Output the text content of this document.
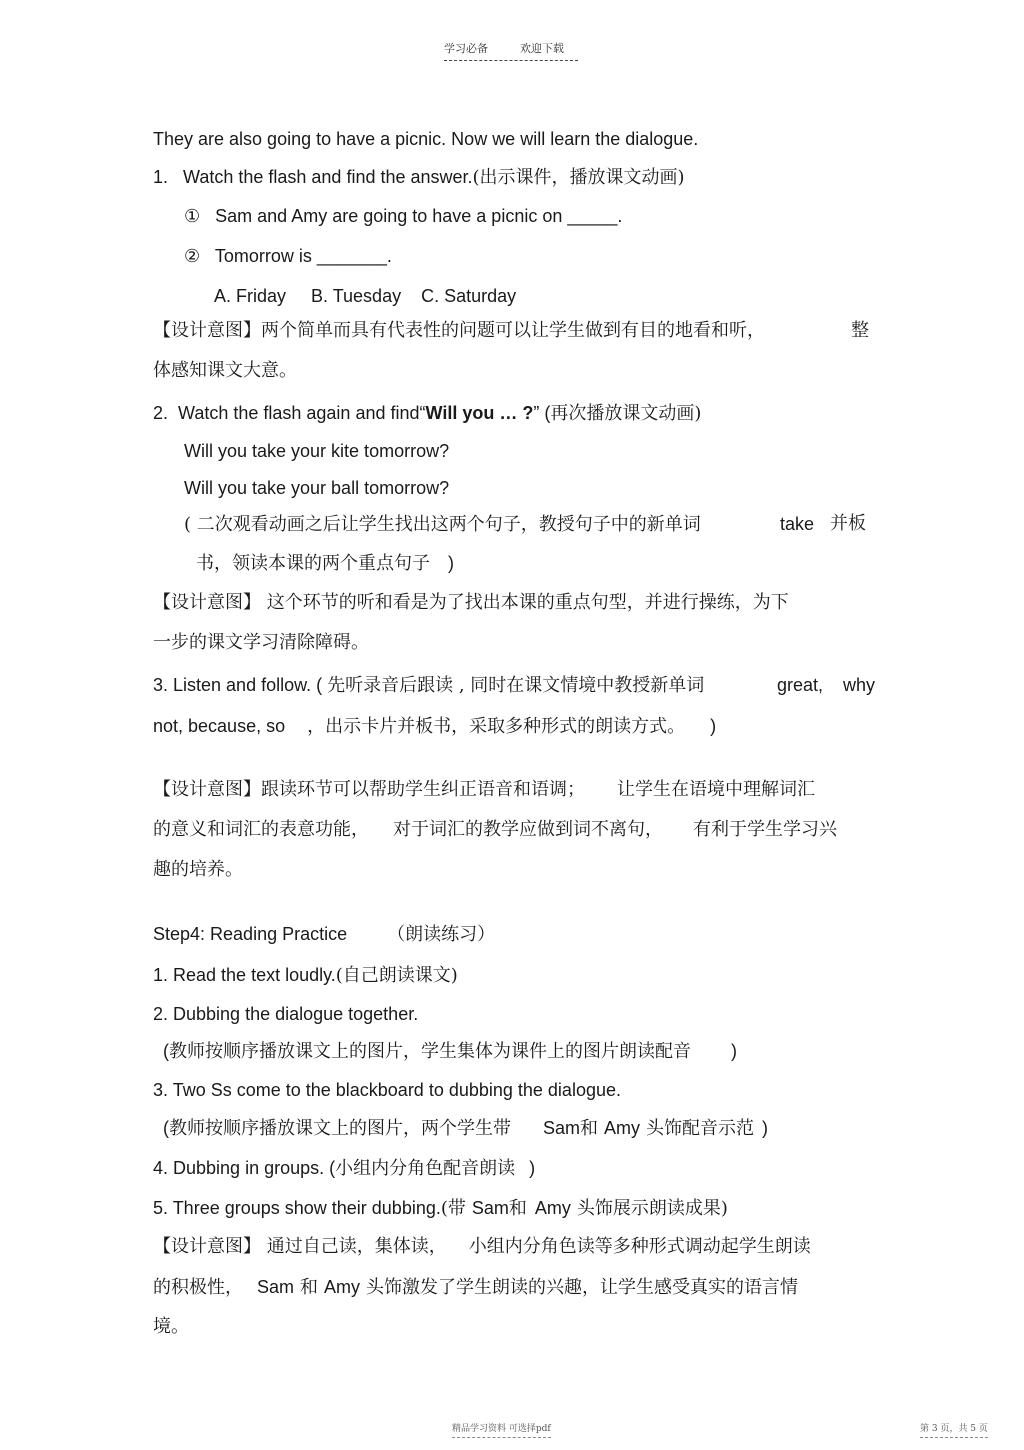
学习必备	欢迎下载
They are also going to have a picnic. Now we will learn the dialogue.
1.   Watch the flash and find the answer.(出示课件，播放课文动画)
①   Sam and Amy are going to have a picnic on _____.
②   Tomorrow is _______.
A. Friday     B. Tuesday    C. Saturday
【设计意图】两个简单而具有代表性的问题可以让学生做到有目的地看和听，	整
体感知课文大意。
2.  Watch the flash again and find“Will you … ?” (再次播放课文动画)
Will you take your kite tomorrow?
Will you take your ball tomorrow?
( 二次观看动画之后让学生找出这两个句子，教授句子中的新单词	take 并板
书，领读本课的两个重点句子 )
【设计意图】 这个环节的听和看是为了找出本课的重点句型，并进行操练，为下
一步的课文学习清除障碍。
3. Listen and follow. ( 先听录音后跟读 , 同时在课文情境中教授新单词	great,    why
not, because, so ，出示卡片并板书，采取多种形式的朗读方式。 )
【设计意图】跟读环节可以帮助学生纠正语音和语调； 让学生在语境中理解词汇
的意义和词汇的表意功能， 对于词汇的教学应做到词不离句， 有利于学生学习兴
趣的培养。
Step4: Reading Practice （朗读练习）
1. Read the text loudly.(自己朗读课文)
2. Dubbing the dialogue together.
(教师按顺序播放课文上的图片，学生集体为课件上的图片朗读配音 )
3. Two Ss come to the blackboard to dubbing the dialogue.
(教师按顺序播放课文上的图片，两个学生带 Sam和 Amy 头饰配音示范 )
4. Dubbing in groups. (小组内分角色配音朗读 )
5. Three groups show their dubbing.(带 Sam和 Amy 头饰展示朗读成果)
【设计意图】 通过自己读，集体读， 小组内分角色读等多种形式调动起学生朗读
的积极性， Sam 和 Amy 头饰激发了学生朗读的兴趣，让学生感受真实的语言情
境。
精品学习资料 可选择pdf	第 3 页，共 5 页
